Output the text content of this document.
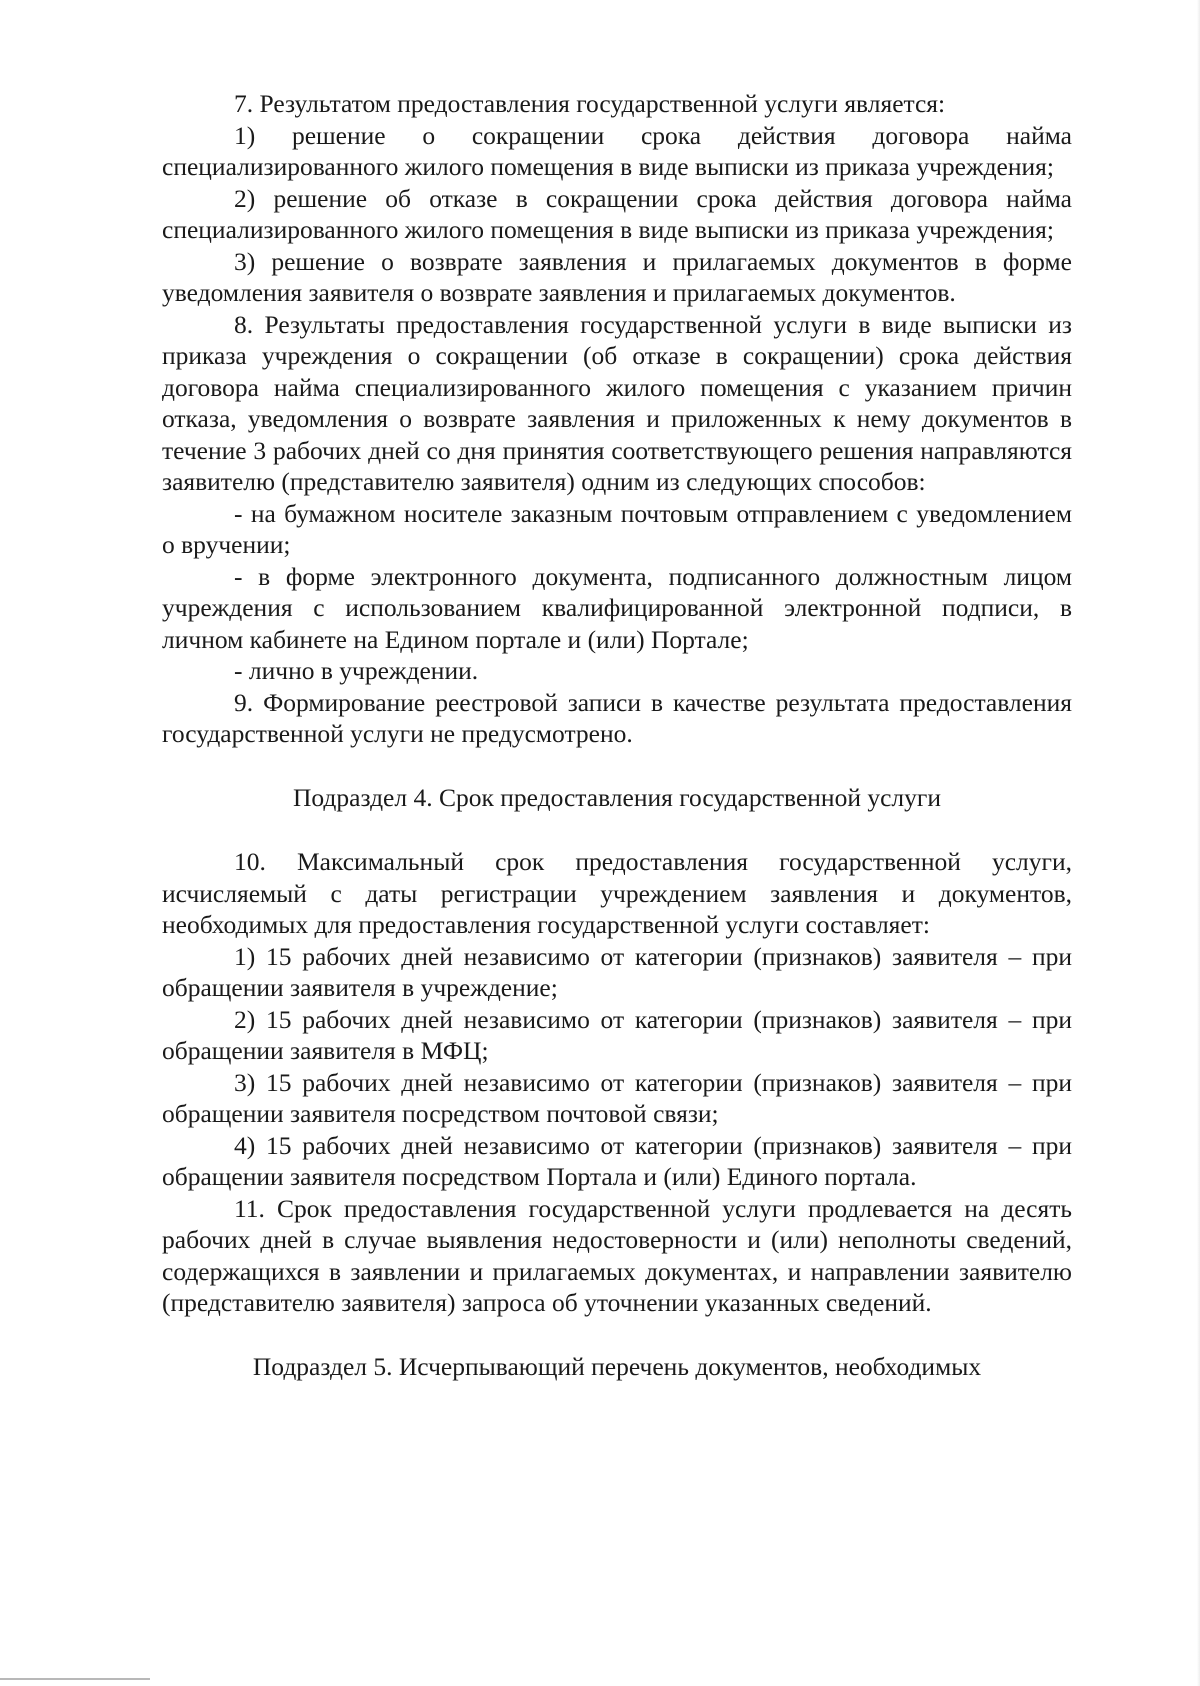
7. Результатом предоставления государственной услуги является:

1) решение о сокращении срока действия договора найма специализированного жилого помещения в виде выписки из приказа учреждения;

2) решение об отказе в сокращении срока действия договора найма специализированного жилого помещения в виде выписки из приказа учреждения;

3) решение о возврате заявления и прилагаемых документов в форме уведомления заявителя о возврате заявления и прилагаемых документов.

8. Результаты предоставления государственной услуги в виде выписки из приказа учреждения о сокращении (об отказе в сокращении) срока действия договора найма специализированного жилого помещения с указанием причин отказа, уведомления о возврате заявления и приложенных к нему документов в течение 3 рабочих дней со дня принятия соответствующего решения направляются заявителю (представителю заявителя) одним из следующих способов:

- на бумажном носителе заказным почтовым отправлением с уведомлением о вручении;

- в форме электронного документа, подписанного должностным лицом учреждения с использованием квалифицированной электронной подписи, в личном кабинете на Едином портале и (или) Портале;

- лично в учреждении.

9. Формирование реестровой записи в качестве результата предоставления государственной услуги не предусмотрено.

Подраздел 4. Срок предоставления государственной услуги

10. Максимальный срок предоставления государственной услуги, исчисляемый с даты регистрации учреждением заявления и документов, необходимых для предоставления государственной услуги составляет:

1) 15 рабочих дней независимо от категории (признаков) заявителя – при обращении заявителя в учреждение;

2) 15 рабочих дней независимо от категории (признаков) заявителя – при обращении заявителя в МФЦ;

3) 15 рабочих дней независимо от категории (признаков) заявителя – при обращении заявителя посредством почтовой связи;

4) 15 рабочих дней независимо от категории (признаков) заявителя – при обращении заявителя посредством Портала и (или) Единого портала.

11. Срок предоставления государственной услуги продлевается на десять рабочих дней в случае выявления недостоверности и (или) неполноты сведений, содержащихся в заявлении и прилагаемых документах, и направлении заявителю (представителю заявителя) запроса об уточнении указанных сведений.

Подраздел 5. Исчерпывающий перечень документов, необходимых
